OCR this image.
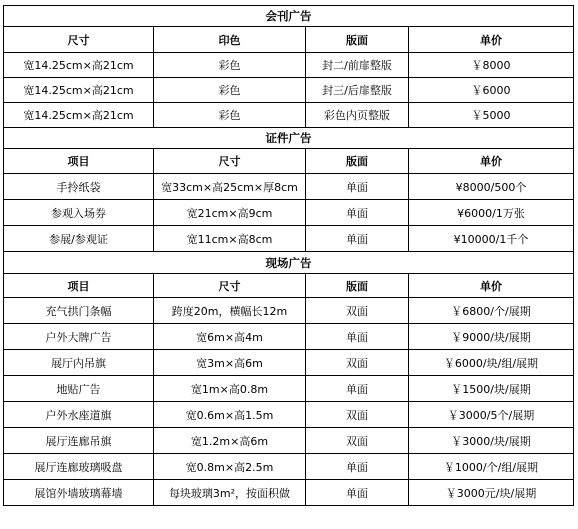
会刊广告			
尺寸	印色	版面	单价
宽14.25cm×高21cm	彩色	封二/前扉整版	￥8000
宽14.25cm×高21cm	彩色	封三/后扉整版	￥6000
宽14.25cm×高21cm	彩色	彩色内页整版	￥5000
证件广告			
项目	尺寸	版面	单价
手拎纸袋	宽33cm×高25cm×厚8cm	单面	¥8000/500个
参观入场券	宽21cm×高9cm	单面	¥6000/1万张
参展/参观证	宽11cm×高8cm	单面	¥10000/1千个
现场广告			
项目	尺寸	版面	单价
充气拱门条幅	跨度20m，横幅长12m	双面	￥6800/个/展期
户外大牌广告	宽6m×高4m	单面	￥9000/块/展期
展厅内吊旗	宽3m×高6m	双面	￥6000/块/组/展期
地贴广告	宽1m×高0.8m	单面	￥1500/块/展期
户外水座道旗	宽0.6m×高1.5m	双面	￥3000/5个/展期
展厅连廊吊旗	宽1.2m×高6m	双面	￥3000/块/展期
展厅连廊玻璃吸盘	宽0.8m×高2.5m	单面	￥1000/个/组/展期
展馆外墙玻璃幕墙	每块玻璃3m²，按面积做	单面	￥3000元/块/展期
